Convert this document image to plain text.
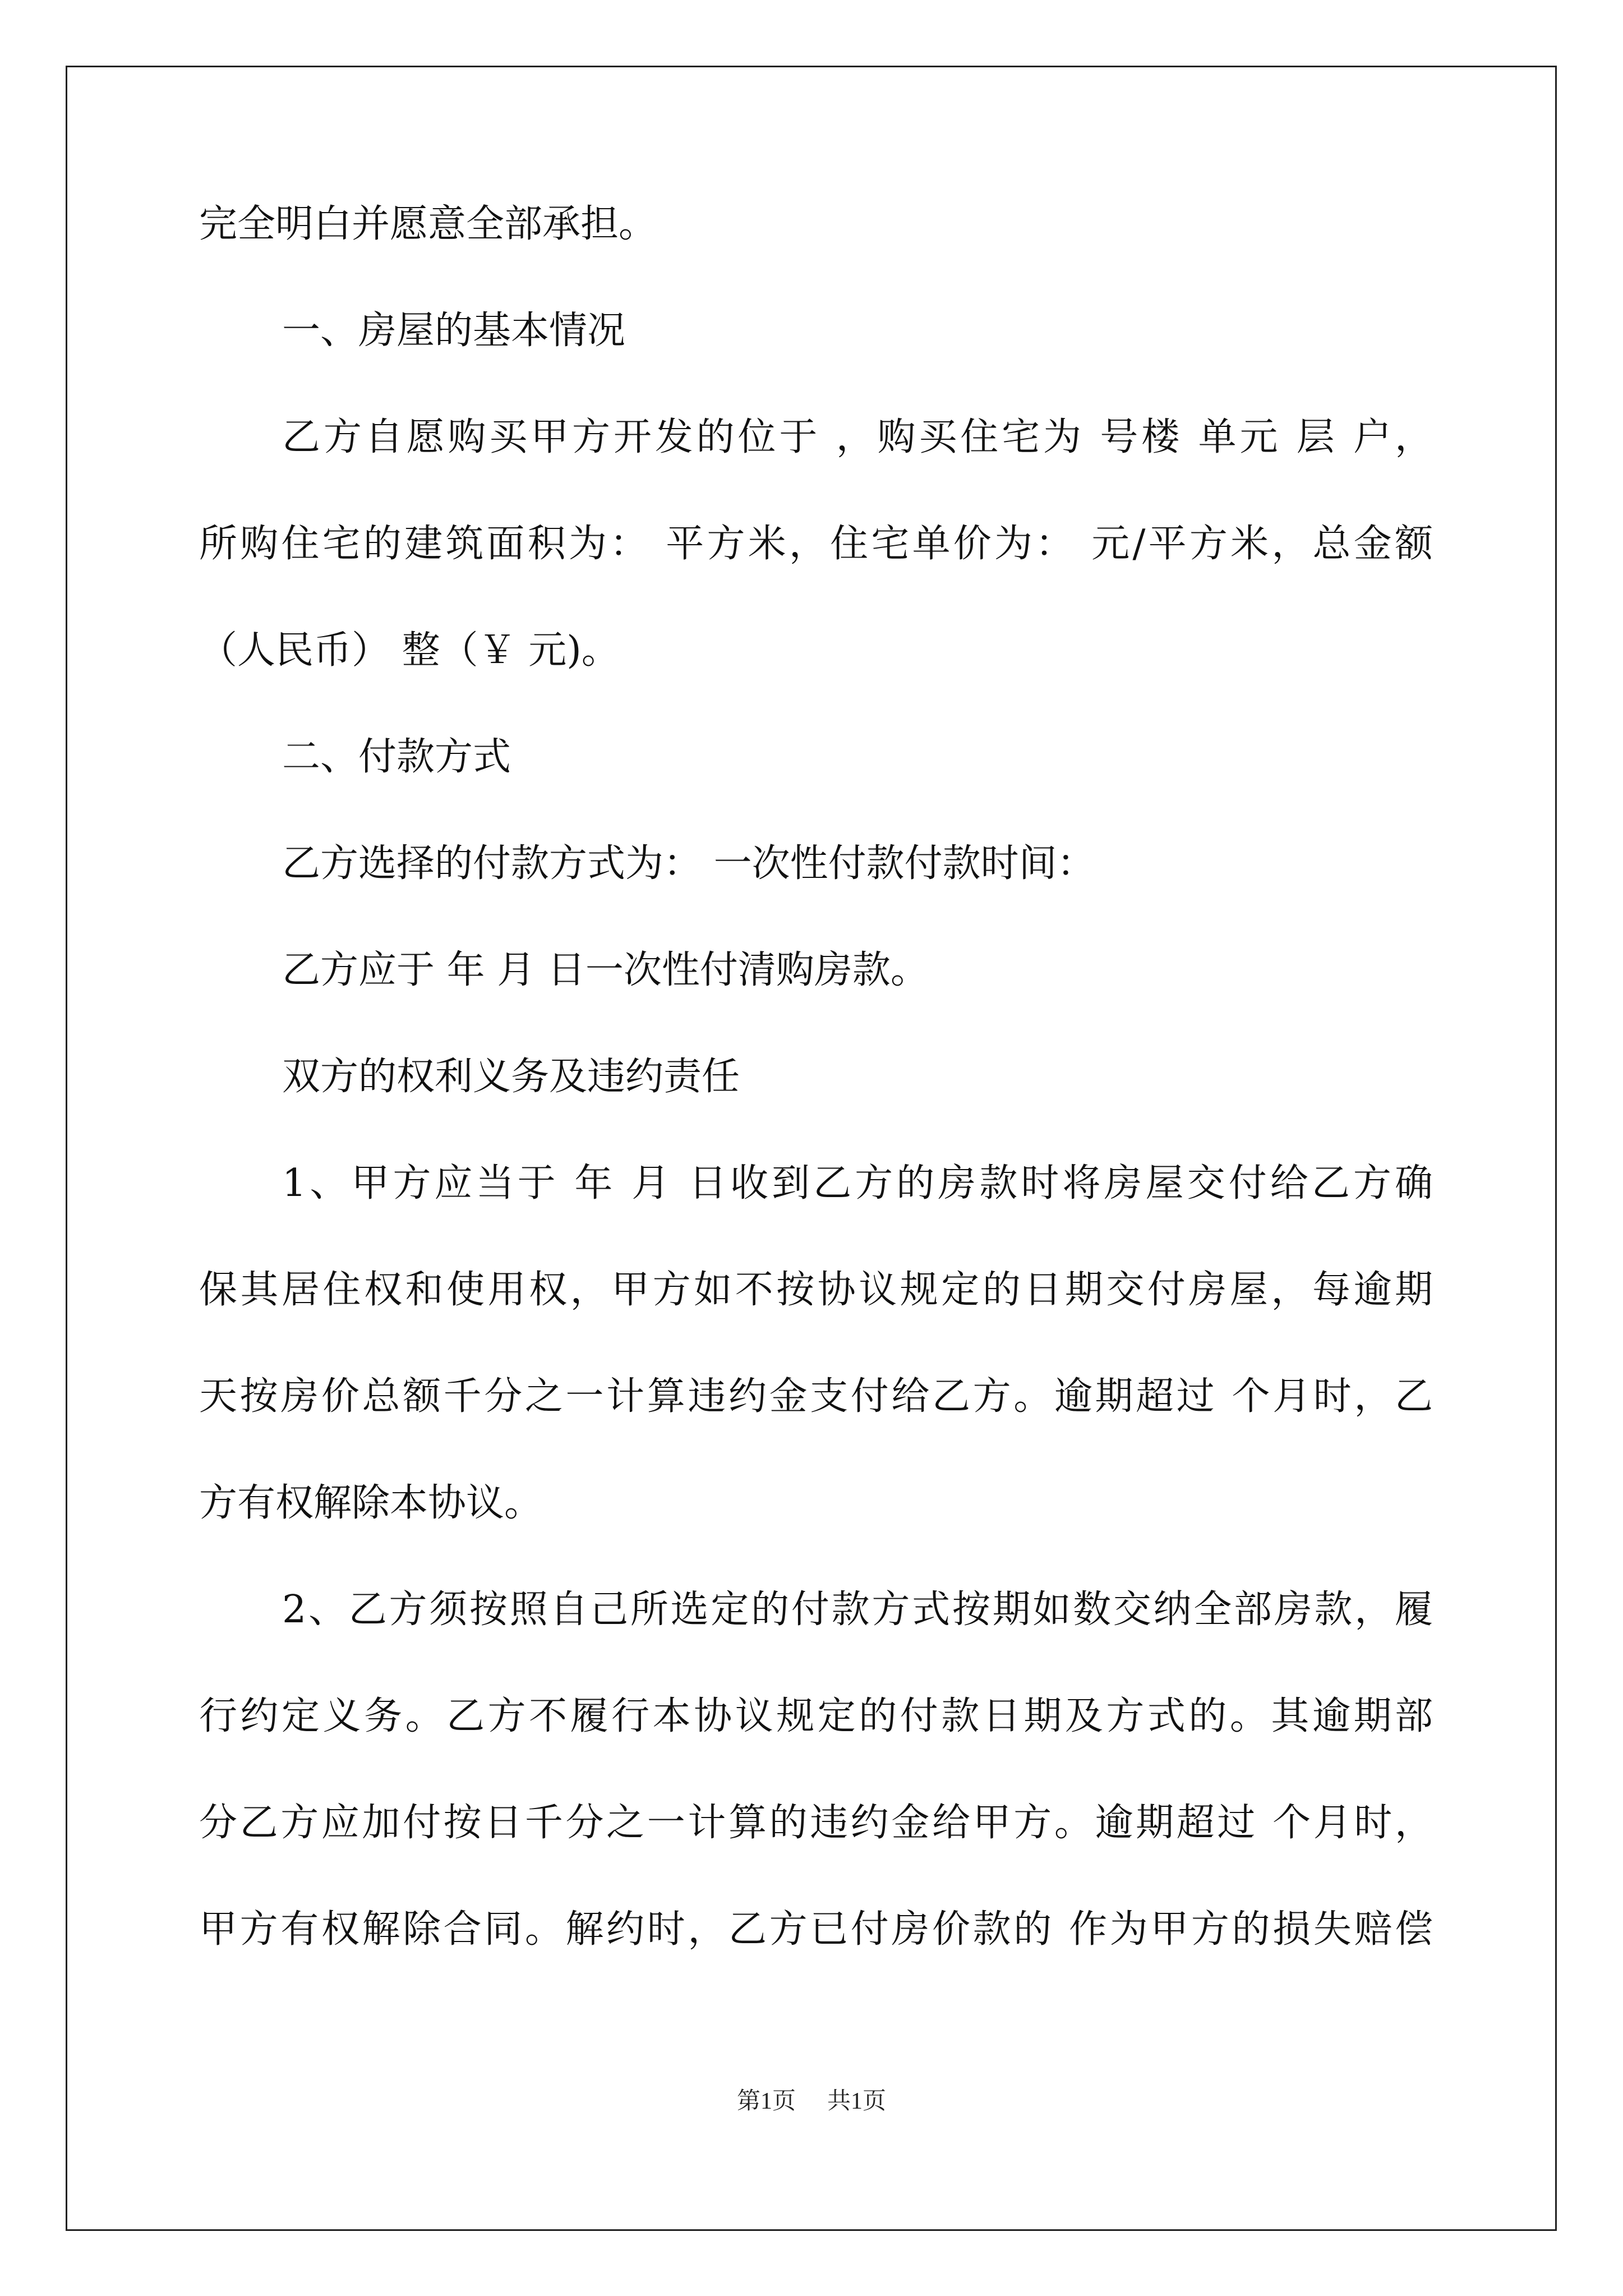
完全明白并愿意全部承担。
一、房屋的基本情况
乙方自愿购买甲方开发的位于 ，购买住宅为 号楼 单元 层 户，
所购住宅的建筑面积为： 平方米，住宅单价为： 元/平方米，总金额
（人民币） 整（￥ 元)。
二、付款方式
乙方选择的付款方式为： 一次性付款付款时间：
乙方应于 年 月 日一次性付清购房款。
双方的权利义务及违约责任
1、甲方应当于 年 月 日收到乙方的房款时将房屋交付给乙方确
保其居住权和使用权，甲方如不按协议规定的日期交付房屋，每逾期
天按房价总额千分之一计算违约金支付给乙方。逾期超过 个月时，乙
方有权解除本协议。
2、乙方须按照自己所选定的付款方式按期如数交纳全部房款，履
行约定义务。乙方不履行本协议规定的付款日期及方式的。其逾期部
分乙方应加付按日千分之一计算的违约金给甲方。逾期超过 个月时，
甲方有权解除合同。解约时，乙方已付房价款的 作为甲方的损失赔偿
第1页 共1页
